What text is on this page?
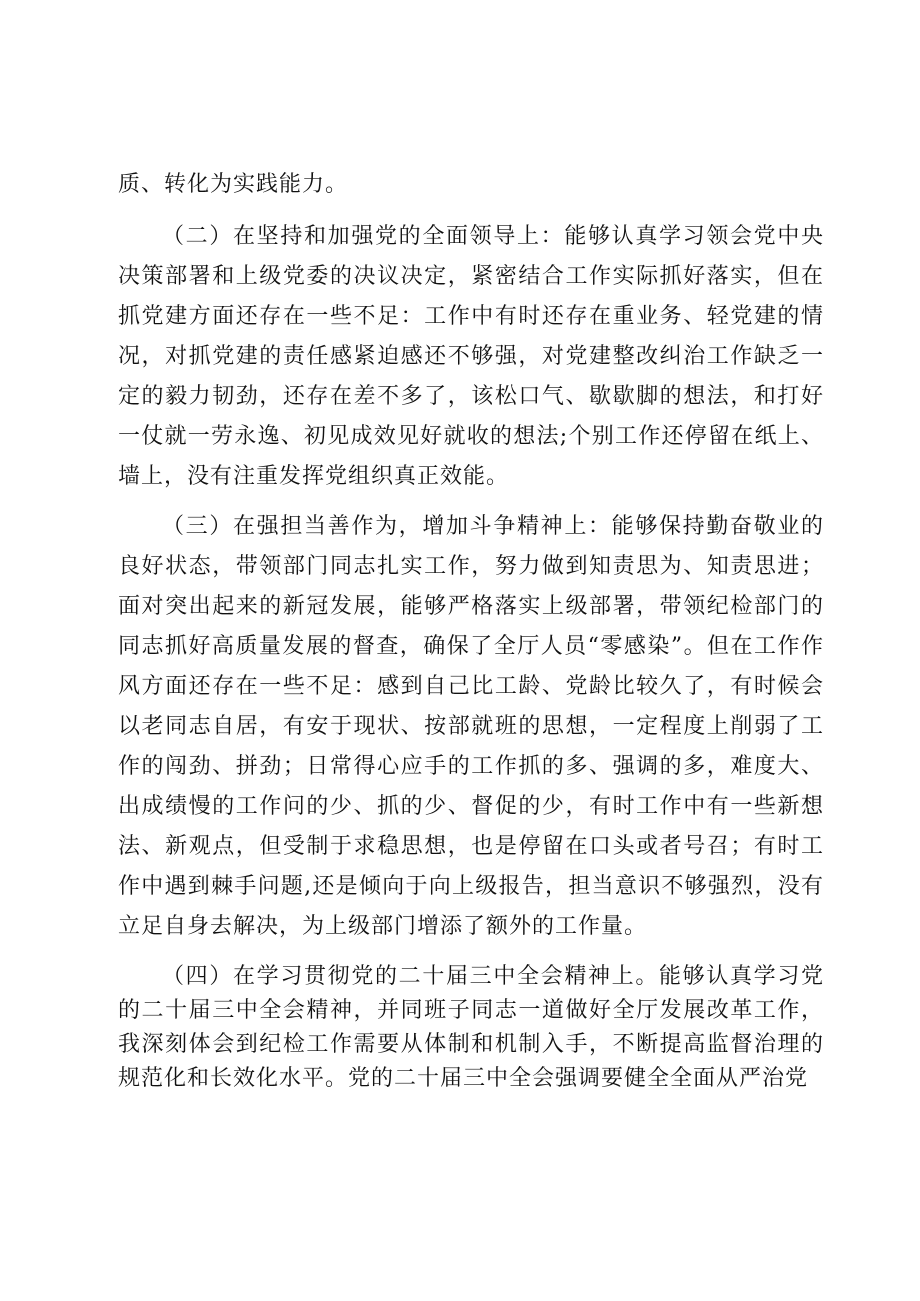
质、转化为实践能力。

（二）在坚持和加强党的全面领导上：能够认真学习领会党中央决策部署和上级党委的决议决定，紧密结合工作实际抓好落实，但在抓党建方面还存在一些不足：工作中有时还存在重业务、轻党建的情况，对抓党建的责任感紧迫感还不够强，对党建整改纠治工作缺乏一定的毅力韧劲，还存在差不多了，该松口气、歇歇脚的想法，和打好一仗就一劳永逸、初见成效见好就收的想法;个别工作还停留在纸上、墙上，没有注重发挥党组织真正效能。

（三）在强担当善作为，增加斗争精神上：能够保持勤奋敬业的良好状态，带领部门同志扎实工作，努力做到知责思为、知责思进；面对突出起来的新冠发展，能够严格落实上级部署，带领纪检部门的同志抓好高质量发展的督查，确保了全厅人员“零感染”。但在工作作风方面还存在一些不足：感到自己比工龄、党龄比较久了，有时候会以老同志自居，有安于现状、按部就班的思想，一定程度上削弱了工作的闯劲、拼劲；日常得心应手的工作抓的多、强调的多，难度大、出成绩慢的工作问的少、抓的少、督促的少，有时工作中有一些新想法、新观点，但受制于求稳思想，也是停留在口头或者号召；有时工作中遇到棘手问题,还是倾向于向上级报告，担当意识不够强烈，没有立足自身去解决，为上级部门增添了额外的工作量。

（四）在学习贯彻党的二十届三中全会精神上。能够认真学习党的二十届三中全会精神，并同班子同志一道做好全厅发展改革工作，我深刻体会到纪检工作需要从体制和机制入手，不断提高监督治理的规范化和长效化水平。党的二十届三中全会强调要健全全面从严治党
